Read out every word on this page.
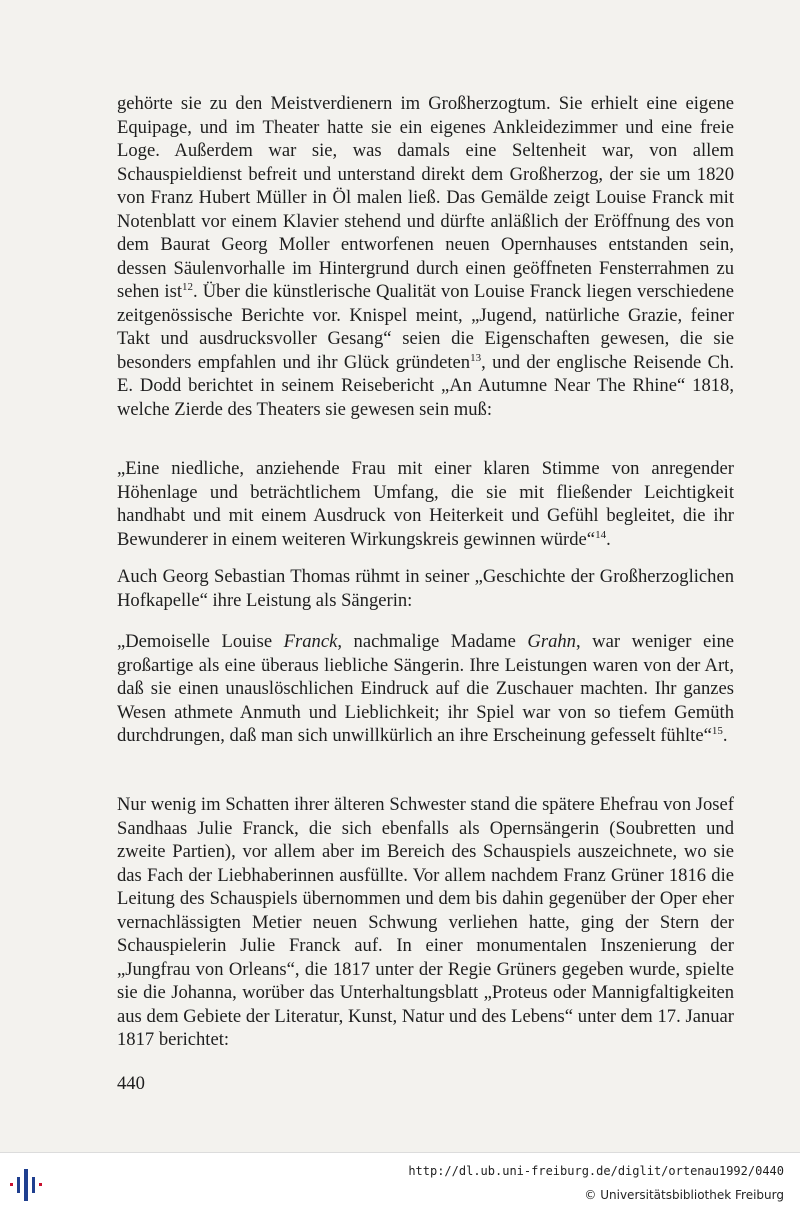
gehörte sie zu den Meistverdienern im Großherzogtum. Sie erhielt eine eigene Equipage, und im Theater hatte sie ein eigenes Ankleidezimmer und eine freie Loge. Außerdem war sie, was damals eine Seltenheit war, von allem Schauspieldienst befreit und unterstand direkt dem Großherzog, der sie um 1820 von Franz Hubert Müller in Öl malen ließ. Das Gemälde zeigt Louise Franck mit Notenblatt vor einem Klavier stehend und dürfte anläßlich der Eröffnung des von dem Baurat Georg Moller entworfenen neuen Opernhauses entstanden sein, dessen Säulenvorhalle im Hintergrund durch einen geöffneten Fensterrahmen zu sehen ist$^{12}$. Über die künstlerische Qualität von Louise Franck liegen verschiedene zeitgenössische Berichte vor. Knispel meint, „Jugend, natürliche Grazie, feiner Takt und ausdrucksvoller Gesang“ seien die Eigenschaften gewesen, die sie besonders empfahlen und ihr Glück gründeten$^{13}$, und der englische Reisende Ch. E. Dodd berichtet in seinem Reisebericht „An Autumne Near The Rhine“ 1818, welche Zierde des Theaters sie gewesen sein muß:

„Eine niedliche, anziehende Frau mit einer klaren Stimme von anregender Höhenlage und beträchtlichem Umfang, die sie mit fließender Leichtigkeit handhabt und mit einem Ausdruck von Heiterkeit und Gefühl begleitet, die ihr Bewunderer in einem weiteren Wirkungskreis gewinnen würde“$^{14}$.

Auch Georg Sebastian Thomas rühmt in seiner „Geschichte der Großherzoglichen Hofkapelle“ ihre Leistung als Sängerin:

„Demoiselle Louise Franck, nachmalige Madame Grahn, war weniger eine großartige als eine überaus liebliche Sängerin. Ihre Leistungen waren von der Art, daß sie einen unauslöschlichen Eindruck auf die Zuschauer machten. Ihr ganzes Wesen athmete Anmuth und Lieblichkeit; ihr Spiel war von so tiefem Gemüth durchdrungen, daß man sich unwillkürlich an ihre Erscheinung gefesselt fühlte“$^{15}$.

Nur wenig im Schatten ihrer älteren Schwester stand die spätere Ehefrau von Josef Sandhaas Julie Franck, die sich ebenfalls als Opernsängerin (Soubretten und zweite Partien), vor allem aber im Bereich des Schauspiels auszeichnete, wo sie das Fach der Liebhaberinnen ausfüllte. Vor allem nachdem Franz Grüner 1816 die Leitung des Schauspiels übernommen und dem bis dahin gegenüber der Oper eher vernachlässigten Metier neuen Schwung verliehen hatte, ging der Stern der Schauspielerin Julie Franck auf. In einer monumentalen Inszenierung der „Jungfrau von Orleans“, die 1817 unter der Regie Grüners gegeben wurde, spielte sie die Johanna, worüber das Unterhaltungsblatt „Proteus oder Mannigfaltigkeiten aus dem Gebiete der Literatur, Kunst, Natur und des Lebens“ unter dem 17. Januar 1817 berichtet:

440
http://dl.ub.uni-freiburg.de/diglit/ortenau1992/0440
© Universitätsbibliothek Freiburg
